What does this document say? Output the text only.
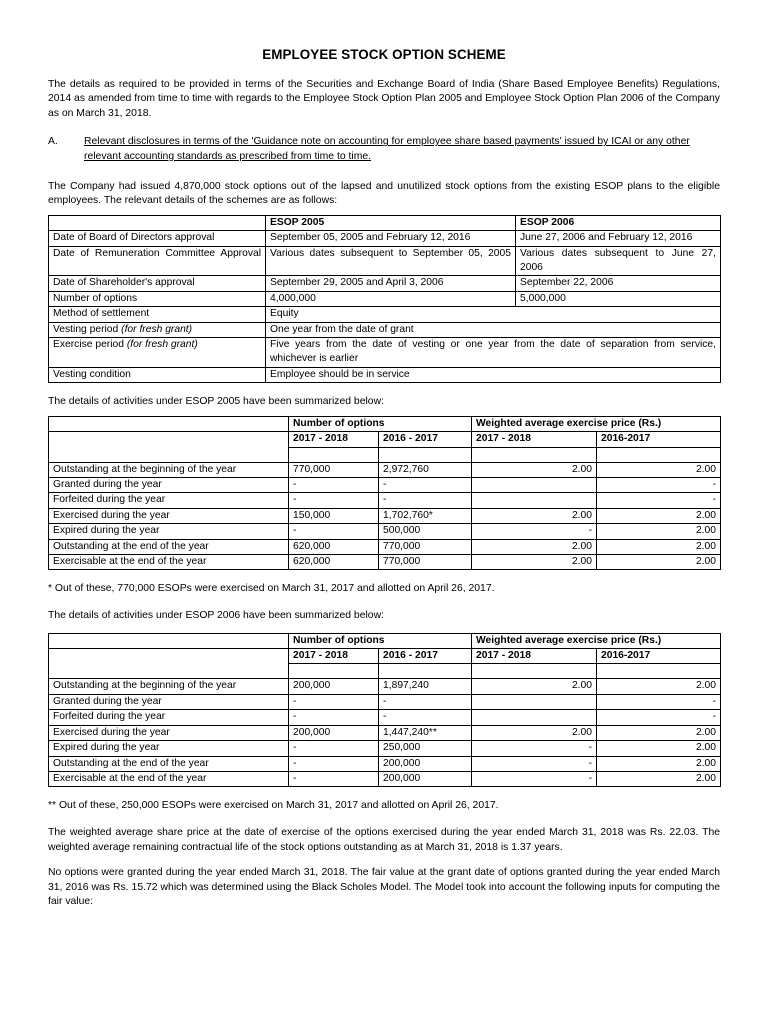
EMPLOYEE STOCK OPTION SCHEME

The details as required to be provided in terms of the Securities and Exchange Board of India (Share Based Employee Benefits) Regulations, 2014 as amended from time to time with regards to the Employee Stock Option Plan 2005 and Employee Stock Option Plan 2006 of the Company as on March 31, 2018.

A.	Relevant disclosures in terms of the 'Guidance note on accounting for employee share based payments' issued by ICAI or any other
relevant accounting standards as prescribed from time to time.

The Company had issued 4,870,000 stock options out of the lapsed and unutilized stock options from the existing ESOP plans to the eligible employees. The relevant details of the schemes are as follows:

	ESOP 2005	ESOP 2006
Date of Board of Directors approval	September 05, 2005 and February 12, 2016	June 27, 2006 and February 12, 2016
Date of Remuneration Committee Approval	Various dates subsequent to September 05, 2005	Various dates subsequent to June 27, 2006
Date of Shareholder's approval	September 29, 2005 and April 3, 2006	September 22, 2006
Number of options	4,000,000	5,000,000
Method of settlement	Equity	
Vesting period (for fresh grant)	One year from the date of grant	
Exercise period (for fresh grant)	Five years from the date of vesting or one year from the date of separation from service, whichever is earlier	
Vesting condition	Employee should be in service	

The details of activities under ESOP 2005 have been summarized below:

	Number of options		Weighted average exercise price (Rs.)	
	2017 - 2018	2016 - 2017	2017 - 2018	2016-2017

Outstanding at the beginning of the year	770,000	2,972,760	2.00	2.00
Granted during the year	-	-		-
Forfeited during the year	-	-		-
Exercised during the year	150,000	1,702,760*	2.00	2.00
Expired during the year	-	500,000	-	2.00
Outstanding at the end of the year	620,000	770,000	2.00	2.00
Exercisable at the end of the year	620,000	770,000	2.00	2.00

* Out of these, 770,000 ESOPs were exercised on March 31, 2017 and allotted on April 26, 2017.

The details of activities under ESOP 2006 have been summarized below:

	Number of options		Weighted average exercise price (Rs.)	
	2017 - 2018	2016 - 2017	2017 - 2018	2016-2017

Outstanding at the beginning of the year	200,000	1,897,240	2.00	2.00
Granted during the year	-	-		-
Forfeited during the year	-	-		-
Exercised during the year	200,000	1,447,240**	2.00	2.00
Expired during the year	-	250,000	-	2.00
Outstanding at the end of the year	-	200,000	-	2.00
Exercisable at the end of the year	-	200,000	-	2.00

** Out of these, 250,000 ESOPs were exercised on March 31, 2017 and allotted on April 26, 2017.

The weighted average share price at the date of exercise of the options exercised during the year ended March 31, 2018 was Rs. 22.03. The weighted average remaining contractual life of the stock options outstanding as at March 31, 2018 is 1.37 years.

No options were granted during the year ended March 31, 2018. The fair value at the grant date of options granted during the year ended March 31, 2016 was Rs. 15.72 which was determined using the Black Scholes Model. The Model took into account the following inputs for computing the fair value:
